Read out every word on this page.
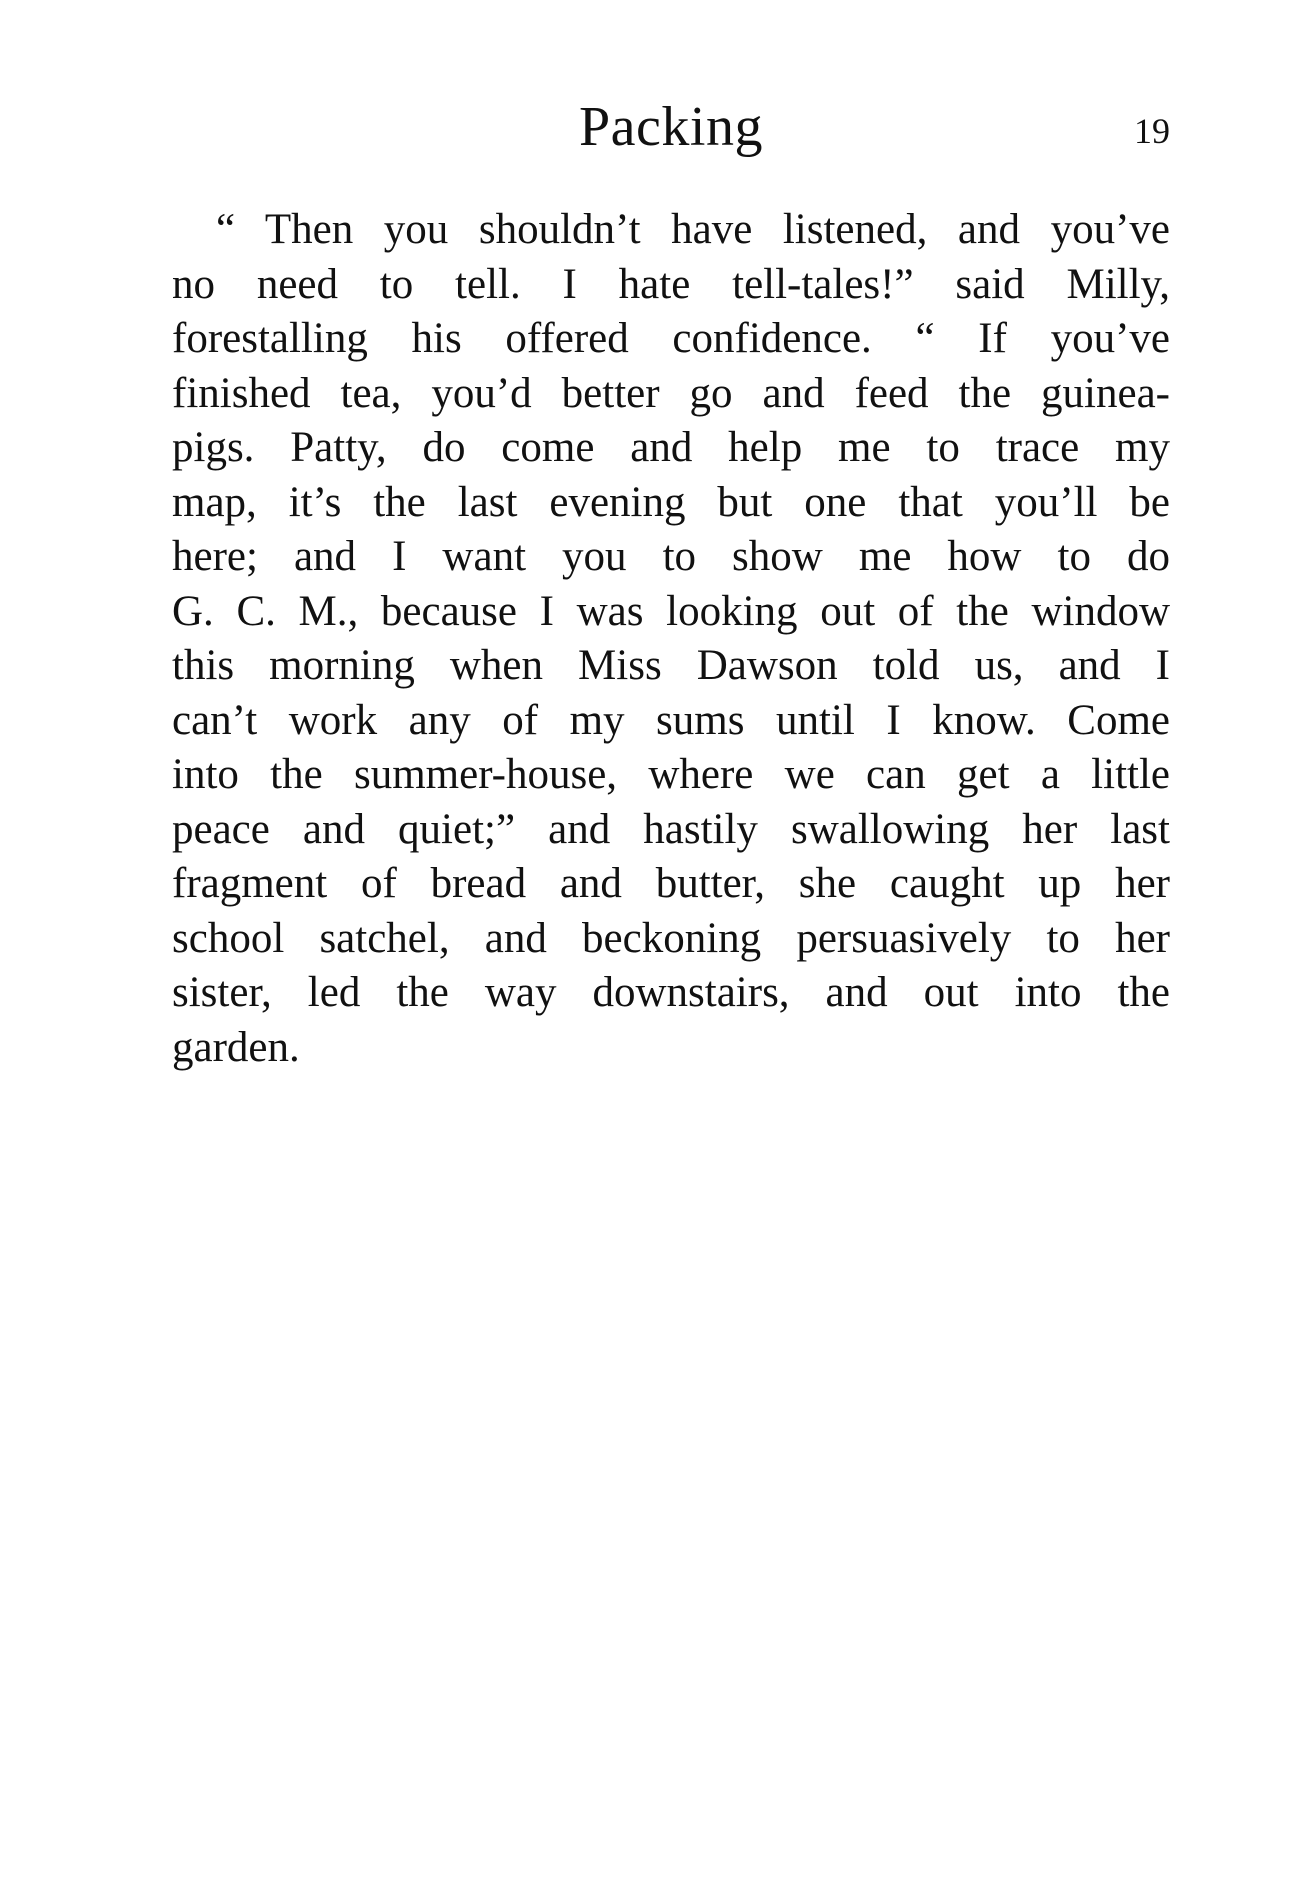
Packing	19
“ Then you shouldn’t have listened, and you’ve
no need to tell. I hate tell-tales!” said Milly,
forestalling his offered confidence. “ If you’ve
finished tea, you’d better go and feed the guinea-
pigs. Patty, do come and help me to trace my
map, it’s the last evening but one that you’ll be
here; and I want you to show me how to do
G. C. M., because I was looking out of the window
this morning when Miss Dawson told us, and I
can’t work any of my sums until I know. Come
into the summer-house, where we can get a little
peace and quiet;” and hastily swallowing her last
fragment of bread and butter, she caught up her
school satchel, and beckoning persuasively to her
sister, led the way downstairs, and out into the
garden.
